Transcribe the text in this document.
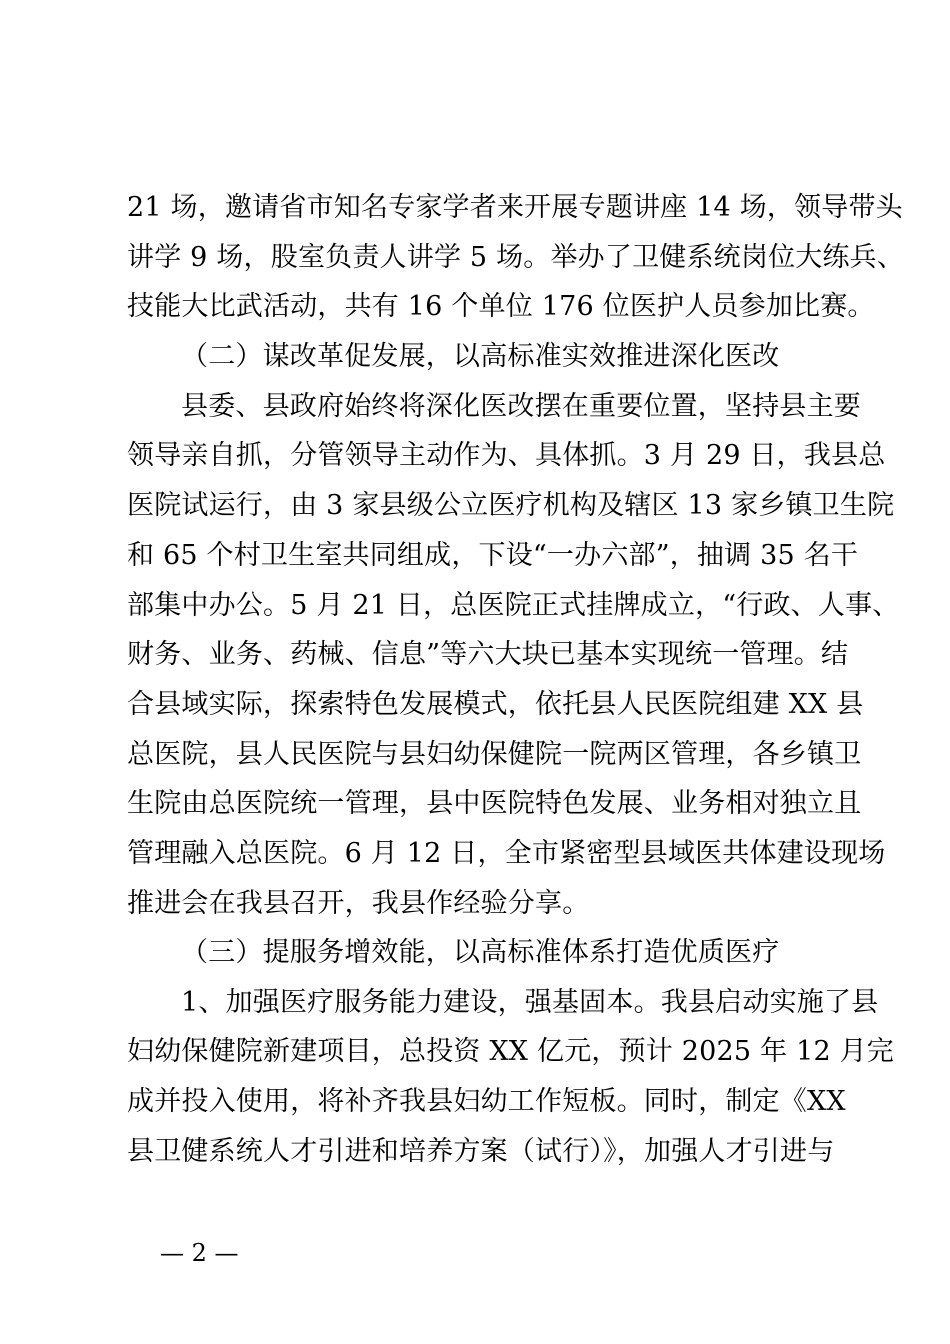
21 场，邀请省市知名专家学者来开展专题讲座 14 场，领导带头
讲学 9 场，股室负责人讲学 5 场。举办了卫健系统岗位大练兵、
技能大比武活动，共有 16 个单位 176 位医护人员参加比赛。
（二）谋改革促发展，以高标准实效推进深化医改
县委、县政府始终将深化医改摆在重要位置，坚持县主要
领导亲自抓，分管领导主动作为、具体抓。3 月 29 日，我县总
医院试运行，由 3 家县级公立医疗机构及辖区 13 家乡镇卫生院
和 65 个村卫生室共同组成，下设“一办六部”，抽调 35 名干
部集中办公。5 月 21 日，总医院正式挂牌成立，“行政、人事、
财务、业务、药械、信息”等六大块已基本实现统一管理。结
合县域实际，探索特色发展模式，依托县人民医院组建 XX 县
总医院，县人民医院与县妇幼保健院一院两区管理，各乡镇卫
生院由总医院统一管理，县中医院特色发展、业务相对独立且
管理融入总医院。6 月 12 日，全市紧密型县域医共体建设现场
推进会在我县召开，我县作经验分享。
（三）提服务增效能，以高标准体系打造优质医疗
1、加强医疗服务能力建设，强基固本。我县启动实施了县
妇幼保健院新建项目，总投资 XX 亿元，预计 2025 年 12 月完
成并投入使用，将补齐我县妇幼工作短板。同时，制定《XX
县卫健系统人才引进和培养方案（试行）》，加强人才引进与
— 2 —
